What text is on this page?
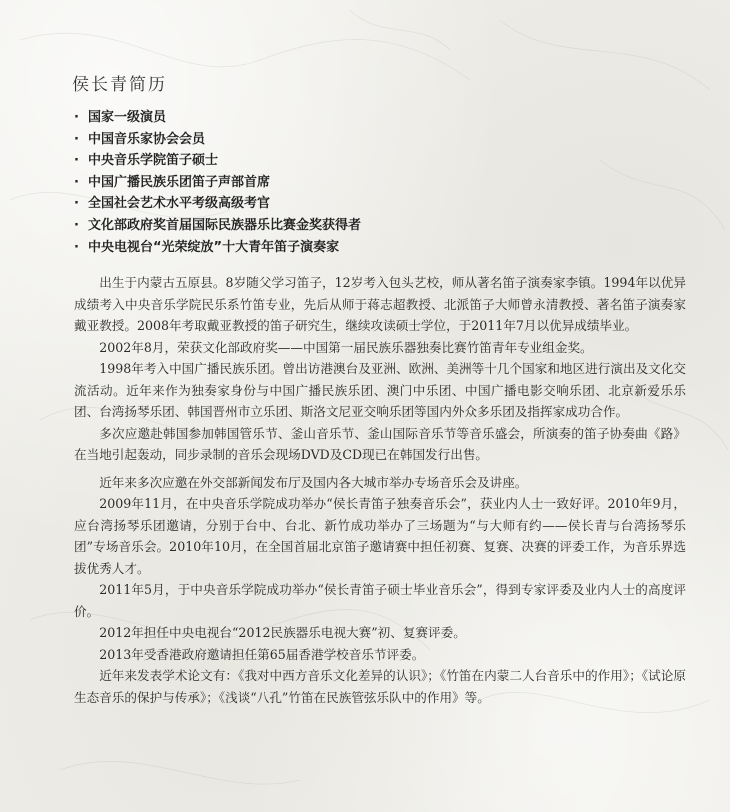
侯长青简历
· 国家一级演员
· 中国音乐家协会会员
· 中央音乐学院笛子硕士
· 中国广播民族乐团笛子声部首席
· 全国社会艺术水平考级高级考官
· 文化部政府奖首届国际民族器乐比赛金奖获得者
· 中央电视台“光荣绽放”十大青年笛子演奏家

出生于内蒙古五原县。8岁随父学习笛子，12岁考入包头艺校，师从著名笛子演奏家李镇。1994年以优异成绩考入中央音乐学院民乐系竹笛专业，先后从师于蒋志超教授、北派笛子大师曾永清教授、著名笛子演奏家戴亚教授。2008年考取戴亚教授的笛子研究生，继续攻读硕士学位，于2011年7月以优异成绩毕业。

2002年8月，荣获文化部政府奖——中国第一届民族乐器独奏比赛竹笛青年专业组金奖。

1998年考入中国广播民族乐团。曾出访港澳台及亚洲、欧洲、美洲等十几个国家和地区进行演出及文化交流活动。近年来作为独奏家身份与中国广播民族乐团、澳门中乐团、中国广播电影交响乐团、北京新爱乐乐团、台湾扬琴乐团、韩国晋州市立乐团、斯洛文尼亚交响乐团等国内外众多乐团及指挥家成功合作。

多次应邀赴韩国参加韩国管乐节、釜山音乐节、釜山国际音乐节等音乐盛会，所演奏的笛子协奏曲《路》在当地引起轰动，同步录制的音乐会现场DVD及CD现已在韩国发行出售。

近年来多次应邀在外交部新闻发布厅及国内各大城市举办专场音乐会及讲座。

2009年11月，在中央音乐学院成功举办“侯长青笛子独奏音乐会”，获业内人士一致好评。2010年9月，应台湾扬琴乐团邀请，分别于台中、台北、新竹成功举办了三场题为“与大师有约——侯长青与台湾扬琴乐团”专场音乐会。2010年10月，在全国首届北京笛子邀请赛中担任初赛、复赛、决赛的评委工作，为音乐界选拔优秀人才。

2011年5月，于中央音乐学院成功举办“侯长青笛子硕士毕业音乐会”，得到专家评委及业内人士的高度评价。

2012年担任中央电视台“2012民族器乐电视大赛”初、复赛评委。

2013年受香港政府邀请担任第65届香港学校音乐节评委。

近年来发表学术论文有：《我对中西方音乐文化差异的认识》；《竹笛在内蒙二人台音乐中的作用》；《试论原生态音乐的保护与传承》；《浅谈“八孔”竹笛在民族管弦乐队中的作用》等。
